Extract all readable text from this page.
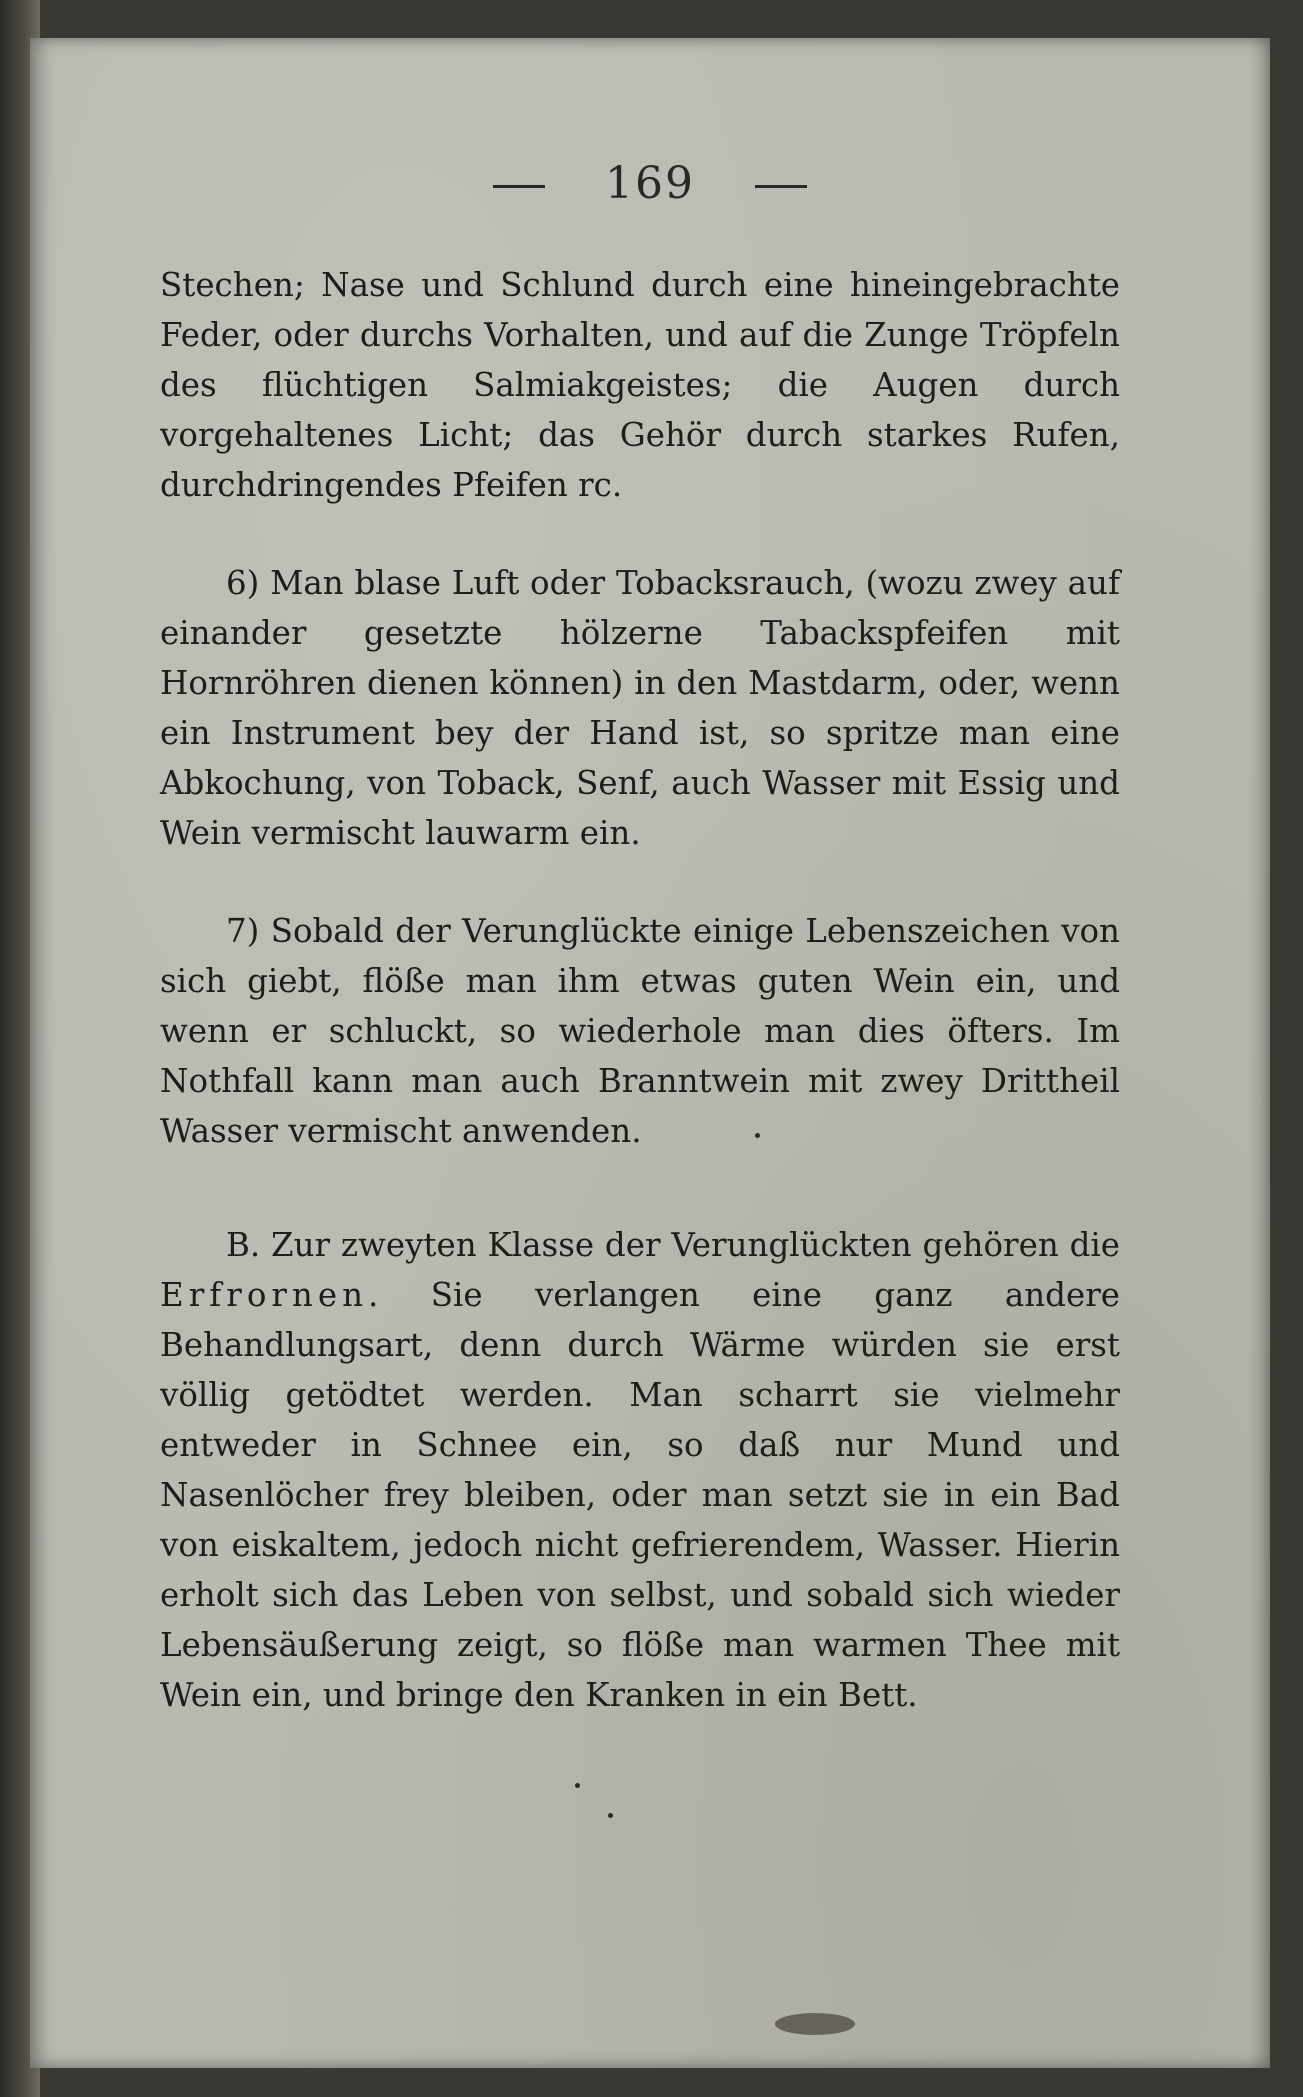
169

Stechen; Nase und Schlund durch eine hineingebrachte Feder, oder durchs Vorhalten, und auf die Zunge Tröpfeln des flüchtigen Salmiakgeistes; die Augen durch vorgehaltenes Licht; das Gehör durch starkes Rufen, durchdringendes Pfeifen rc.

6) Man blase Luft oder Tobacksrauch, (wozu zwey auf einander gesetzte hölzerne Tabackspfeifen mit Hornröhren dienen können) in den Mastdarm, oder, wenn ein Instrument bey der Hand ist, so spritze man eine Abkochung, von Toback, Senf, auch Wasser mit Essig und Wein vermischt lauwarm ein.

7) Sobald der Verunglückte einige Lebenszeichen von sich giebt, flöße man ihm etwas guten Wein ein, und wenn er schluckt, so wiederhole man dies öfters. Im Nothfall kann man auch Branntwein mit zwey Drittheil Wasser vermischt anwenden.

B. Zur zweyten Klasse der Verunglückten gehören die Erfrornen. Sie verlangen eine ganz andere Behandlungsart, denn durch Wärme würden sie erst völlig getödtet werden. Man scharrt sie vielmehr entweder in Schnee ein, so daß nur Mund und Nasenlöcher frey bleiben, oder man setzt sie in ein Bad von eiskaltem, jedoch nicht gefrierendem, Wasser. Hierin erholt sich das Leben von selbst, und sobald sich wieder Lebensäußerung zeigt, so flöße man warmen Thee mit Wein ein, und bringe den Kranken in ein Bett.
